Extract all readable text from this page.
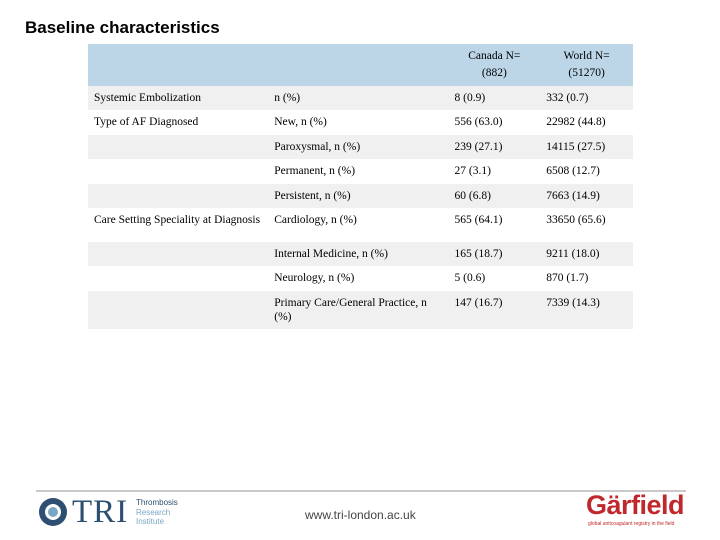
Baseline characteristics

		Canada N=(882)	World N=(51270)

Systemic Embolization	n (%)	8 (0.9)	332 (0.7)
Type of AF Diagnosed	New, n (%)	556 (63.0)	22982 (44.8)
	Paroxysmal, n (%)	239 (27.1)	14115 (27.5)
	Permanent, n (%)	27 (3.1)	6508 (12.7)
	Persistent, n (%)	60 (6.8)	7663 (14.9)
Care Setting Speciality at Diagnosis	Cardiology, n (%)	565 (64.1)	33650 (65.6)
	Internal Medicine, n (%)	165 (18.7)	9211 (18.0)
	Neurology, n (%)	5 (0.6)	870 (1.7)
	Primary Care/General Practice, n (%)	147 (16.7)	7339 (14.3)
TRI Thrombosis
Research
Institute	www.tri-london.ac.uk	Gärfield
global anticoagulant registry in the field
